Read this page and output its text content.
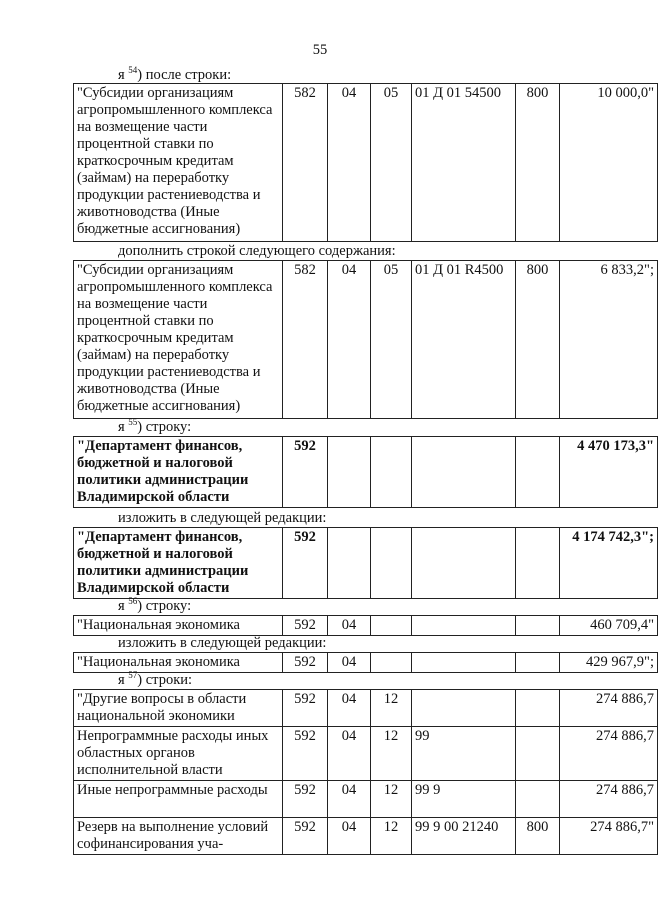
55
я $^{54}$) после строки:
"Субсидии организациям агропромышленного комплекса на возмещение части процентной ставки по краткосрочным кредитам (займам) на переработку продукции растениеводства и животноводства (Иные бюджетные ассигнования)	582	04	05	01 Д 01 54500	800	10 000,0"
дополнить строкой следующего содержания:
"Субсидии организациям агропромышленного комплекса на возмещение части процентной ставки по краткосрочным кредитам (займам) на переработку продукции растениеводства и животноводства (Иные бюджетные ассигнования)	582	04	05	01 Д 01 R4500	800	6 833,2";
я $^{55}$) строку:
"Департамент финансов, бюджетной и налоговой политики администрации Владимирской области	592					4 470 173,3"
изложить в следующей редакции:
"Департамент финансов, бюджетной и налоговой политики администрации Владимирской области	592					4 174 742,3";
я $^{56}$) строку:
"Национальная экономика	592	04				460 709,4"
изложить в следующей редакции:
"Национальная экономика	592	04				429 967,9";
я $^{57}$) строки:
"Другие вопросы в области национальной экономики	592	04	12			274 886,7
Непрограммные расходы иных областных органов исполнительной власти	592	04	12	99		274 886,7
Иные непрограммные расходы	592	04	12	99 9		274 886,7
Резерв на выполнение условий софинансирования уча-	592	04	12	99 9 00 21240	800	274 886,7"
